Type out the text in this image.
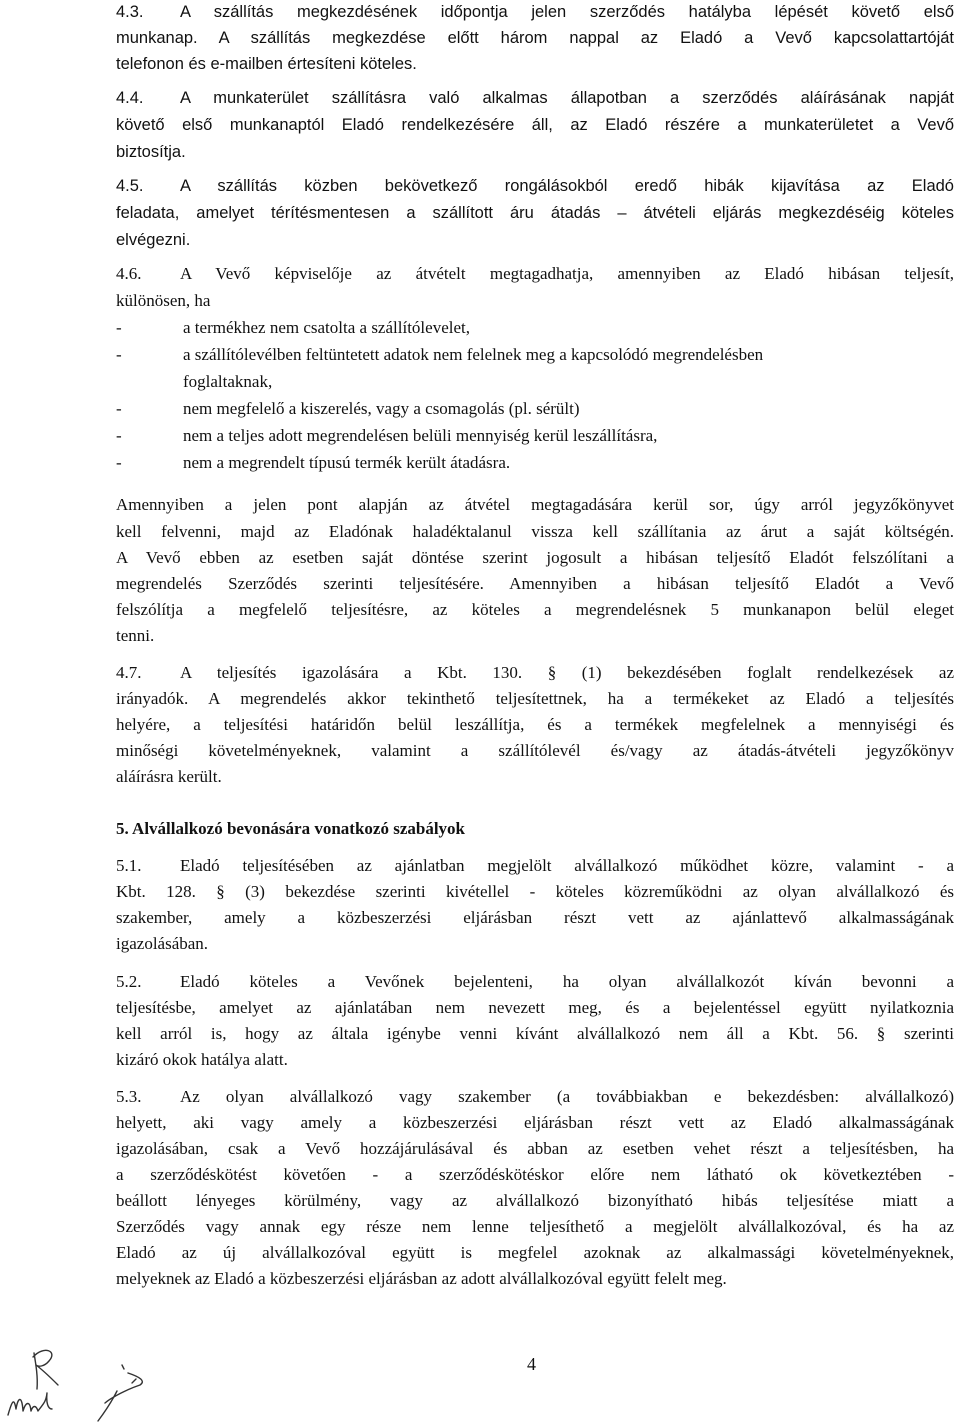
4.3. A szállítás megkezdésének időpontja jelen szerződés hatályba lépését követő első
munkanap. A szállítás megkezdése előtt három nappal az Eladó a Vevő kapcsolattartóját
telefonon és e-mailben értesíteni köteles.
4.4. A munkaterület szállításra való alkalmas állapotban a szerződés aláírásának napját
követő első munkanaptól Eladó rendelkezésére áll, az Eladó részére a munkaterületet a Vevő
biztosítja.
4.5. A szállítás közben bekövetkező rongálásokból eredő hibák kijavítása az Eladó
feladata, amelyet térítésmentesen a szállított áru átadás – átvételi eljárás megkezdéséig köteles
elvégezni.
4.6. A Vevő képviselője az átvételt megtagadhatja, amennyiben az Eladó hibásan teljesít,
különösen, ha
-	a termékhez nem csatolta a szállítólevelet,
-	a szállítólevélben feltüntetett adatok nem felelnek meg a kapcsolódó megrendelésben
foglaltaknak,
-	nem megfelelő a kiszerelés, vagy a csomagolás (pl. sérült)
-	nem a teljes adott megrendelésen belüli mennyiség kerül leszállításra,
-	nem a megrendelt típusú termék került átadásra.
Amennyiben a jelen pont alapján az átvétel megtagadására kerül sor, úgy arról jegyzőkönyvet
kell felvenni, majd az Eladónak haladéktalanul vissza kell szállítania az árut a saját költségén.
A Vevő ebben az esetben saját döntése szerint jogosult a hibásan teljesítő Eladót felszólítani a
megrendelés Szerződés szerinti teljesítésére. Amennyiben a hibásan teljesítő Eladót a Vevő
felszólítja a megfelelő teljesítésre, az köteles a megrendelésnek 5 munkanapon belül eleget
tenni.
4.7. A teljesítés igazolására a Kbt. 130. § (1) bekezdésében foglalt rendelkezések az
irányadók. A megrendelés akkor tekinthető teljesítettnek, ha a termékeket az Eladó a teljesítés
helyére, a teljesítési határidőn belül leszállítja, és a termékek megfelelnek a mennyiségi és
minőségi követelményeknek, valamint a szállítólevél és/vagy az átadás-átvételi jegyzőkönyv
aláírásra került.
5. Alvállalkozó bevonására vonatkozó szabályok
5.1. Eladó teljesítésében az ajánlatban megjelölt alvállalkozó működhet közre, valamint - a
Kbt. 128. § (3) bekezdése szerinti kivétellel - köteles közreműködni az olyan alvállalkozó és
szakember, amely a közbeszerzési eljárásban részt vett az ajánlattevő alkalmasságának
igazolásában.
5.2. Eladó köteles a Vevőnek bejelenteni, ha olyan alvállalkozót kíván bevonni a
teljesítésbe, amelyet az ajánlatában nem nevezett meg, és a bejelentéssel együtt nyilatkoznia
kell arról is, hogy az általa igénybe venni kívánt alvállalkozó nem áll a Kbt. 56. § szerinti
kizáró okok hatálya alatt.
5.3. Az olyan alvállalkozó vagy szakember (a továbbiakban e bekezdésben: alvállalkozó)
helyett, aki vagy amely a közbeszerzési eljárásban részt vett az Eladó alkalmasságának
igazolásában, csak a Vevő hozzájárulásával és abban az esetben vehet részt a teljesítésben, ha
a szerződéskötést követően - a szerződéskötéskor előre nem látható ok következtében -
beállott lényeges körülmény, vagy az alvállalkozó bizonyítható hibás teljesítése miatt a
Szerződés vagy annak egy része nem lenne teljesíthető a megjelölt alvállalkozóval, és ha az
Eladó az új alvállalkozóval együtt is megfelel azoknak az alkalmassági követelményeknek,
melyeknek az Eladó a közbeszerzési eljárásban az adott alvállalkozóval együtt felelt meg.
4
